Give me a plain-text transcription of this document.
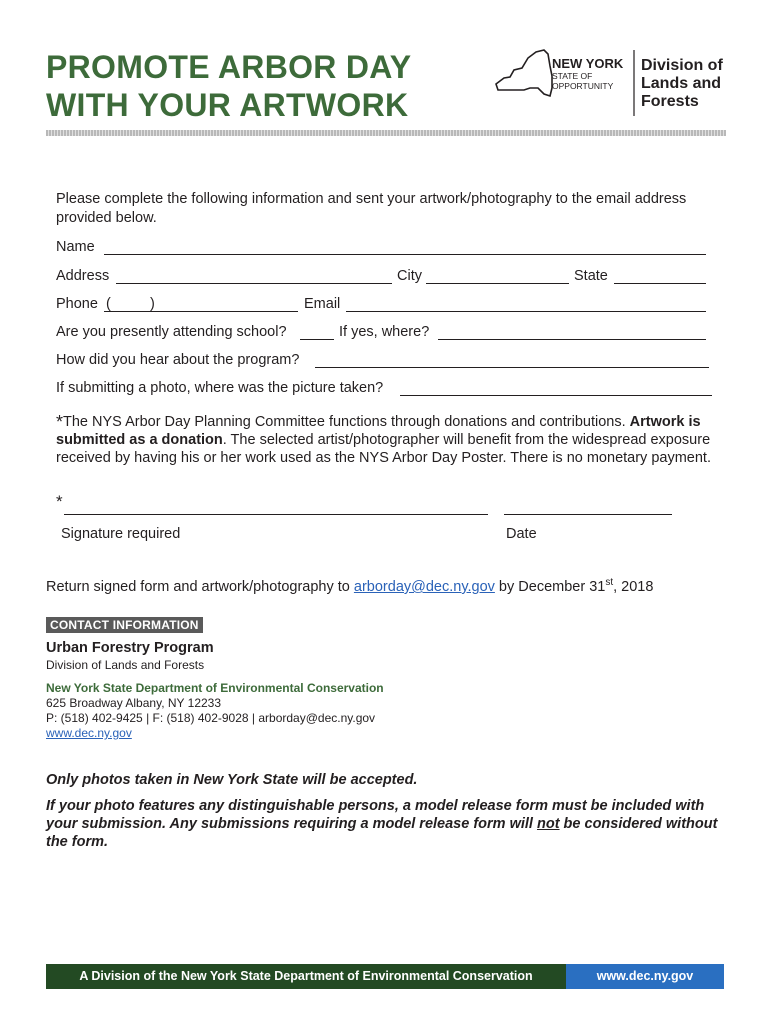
PROMOTE ARBOR DAY
WITH YOUR ARTWORK
NEW YORK
STATE OF
OPPORTUNITY
Division of
Lands and
Forests
Please complete the following information and sent your artwork/photography to the email address
provided below.
Name
Address	City	State
Phone (	)	Email
Are you presently attending school?	If yes, where?
How did you hear about the program?
If submitting a photo, where was the picture taken?
*The NYS Arbor Day Planning Committee functions through donations and contributions. Artwork is submitted as a donation. The selected artist/photographer will benefit from the widespread exposure received by having his or her work used as the NYS Arbor Day Poster. There is no monetary payment.
*
Signature required	Date
Return signed form and artwork/photography to arborday@dec.ny.gov by December 31st, 2018
CONTACT INFORMATION
Urban Forestry Program
Division of Lands and Forests
New York State Department of Environmental Conservation
625 Broadway Albany, NY 12233
P: (518) 402-9425 | F: (518) 402-9028 | arborday@dec.ny.gov
www.dec.ny.gov
Only photos taken in New York State will be accepted.
If your photo features any distinguishable persons, a model release form must be included with your submission. Any submissions requiring a model release form will not be considered without the form.
A Division of the New York State Department of Environmental Conservation	www.dec.ny.gov
